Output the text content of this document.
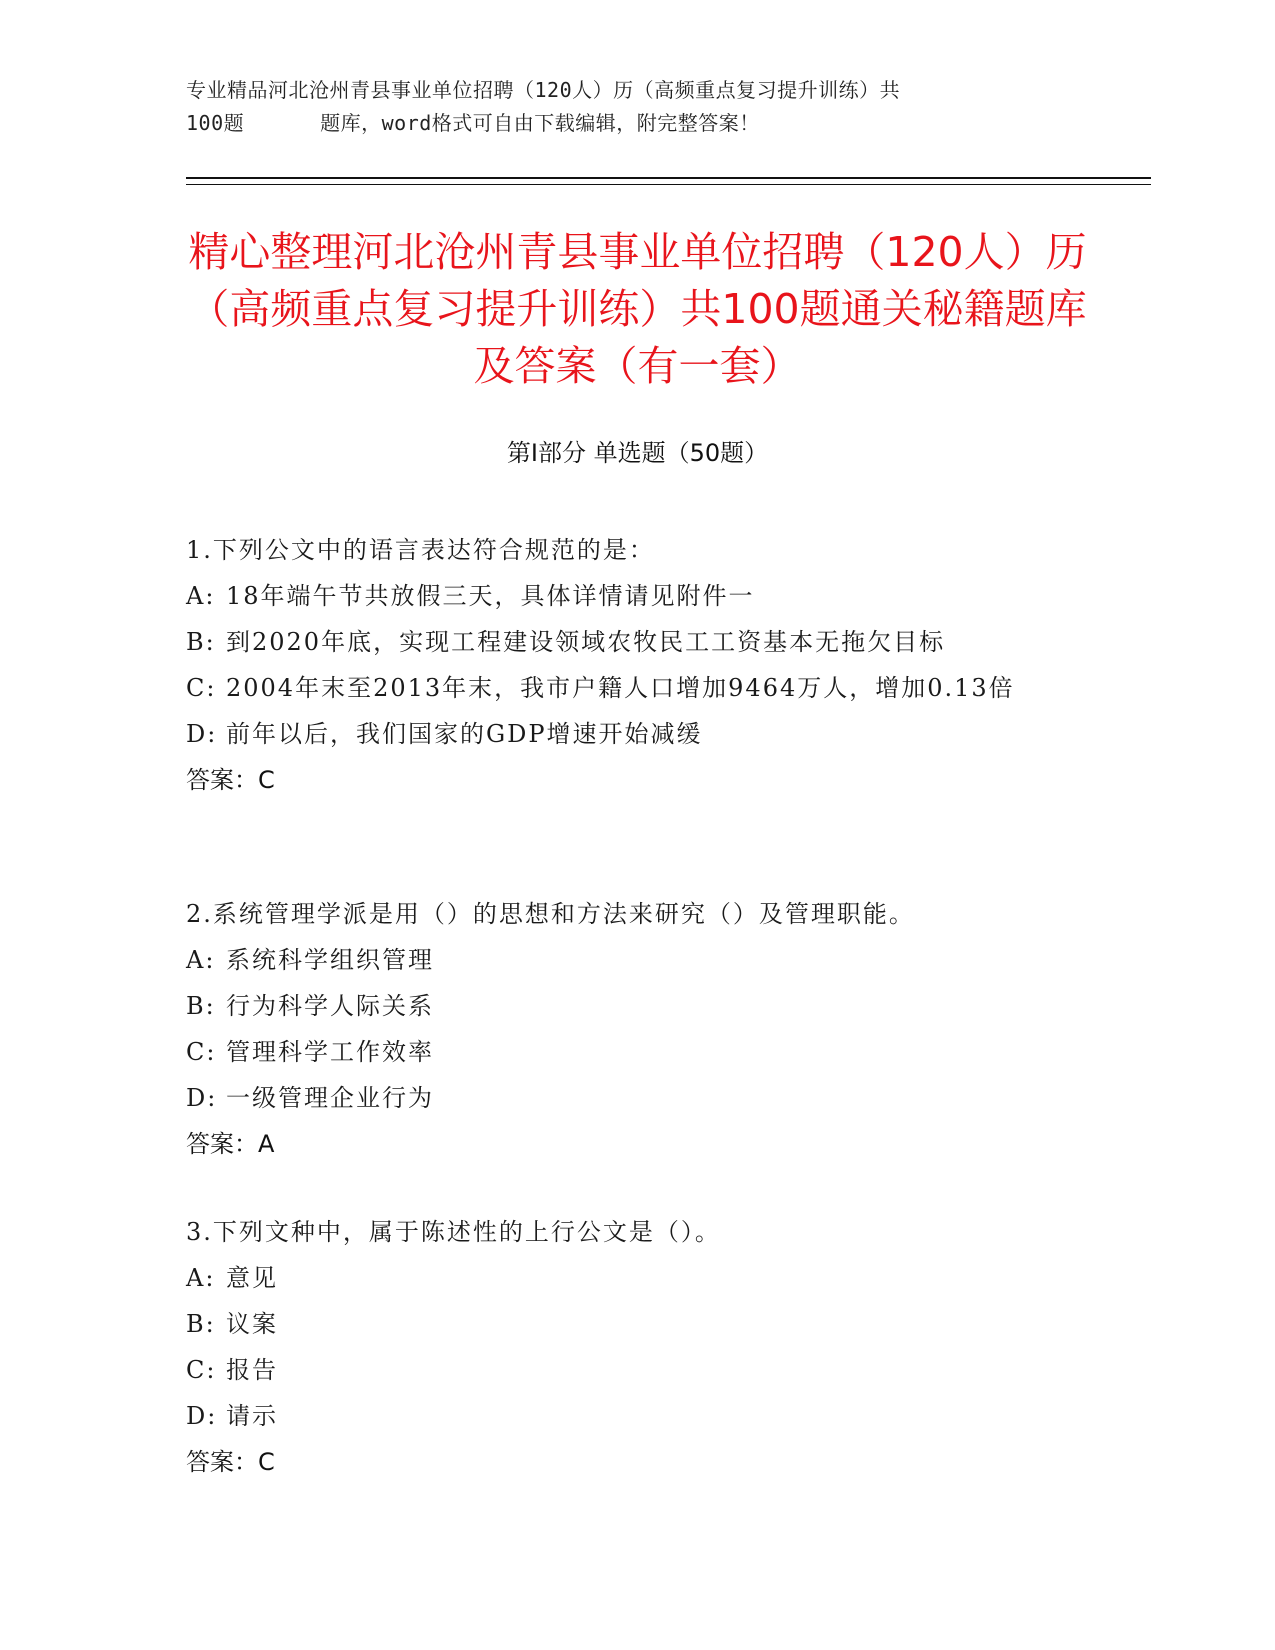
专业精品河北沧州青县事业单位招聘（120人）历（高频重点复习提升训练）共
100题	题库，word格式可自由下载编辑，附完整答案！
精心整理河北沧州青县事业单位招聘（120人）历（高频重点复习提升训练）共100题通关秘籍题库及答案（有一套）
第I部分 单选题（50题）

1.下列公文中的语言表达符合规范的是：

A: 18年端午节共放假三天，具体详情请见附件一

B: 到2020年底，实现工程建设领域农牧民工工资基本无拖欠目标

C: 2004年末至2013年末，我市户籍人口增加9464万人，增加0.13倍

D: 前年以后，我们国家的GDP增速开始减缓

答案：C

2.系统管理学派是用（）的思想和方法来研究（）及管理职能。

A: 系统科学组织管理

B: 行为科学人际关系

C: 管理科学工作效率

D: 一级管理企业行为

答案：A

3.下列文种中，属于陈述性的上行公文是（）。

A: 意见

B: 议案

C: 报告

D: 请示

答案：C
